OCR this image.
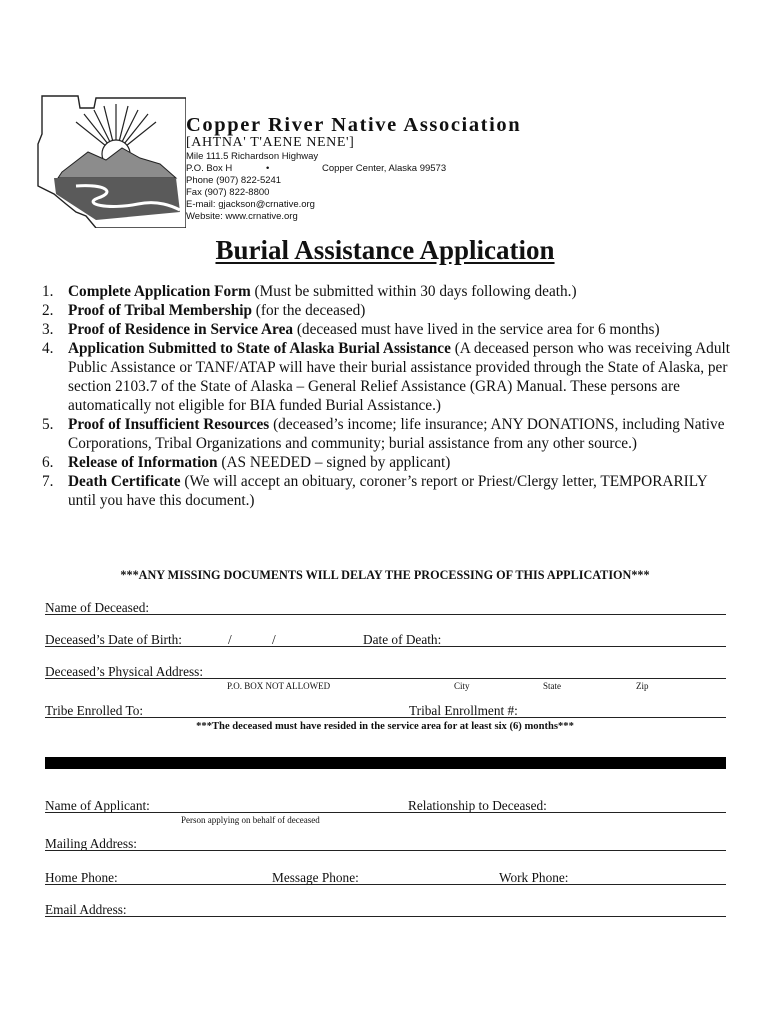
Copper River Native Association
[AHTNA' T'AENE NENE']
Mile 111.5 Richardson Highway
P.O. Box H	•	Copper Center, Alaska 99573
Phone (907) 822-5241
Fax (907) 822-8800
E-mail: gjackson@crnative.org
Website: www.crnative.org
Burial Assistance Application
1. Complete Application Form (Must be submitted within 30 days following death.)
2. Proof of Tribal Membership (for the deceased)
3. Proof of Residence in Service Area (deceased must have lived in the service area for 6 months)
4. Application Submitted to State of Alaska Burial Assistance (A deceased person who was receiving Adult Public Assistance or TANF/ATAP will have their burial assistance provided through the State of Alaska, per section 2103.7 of the State of Alaska – General Relief Assistance (GRA) Manual. These persons are automatically not eligible for BIA funded Burial Assistance.)
5. Proof of Insufficient Resources (deceased’s income; life insurance; ANY DONATIONS, including Native Corporations, Tribal Organizations and community; burial assistance from any other source.)
6. Release of Information (AS NEEDED – signed by applicant)
7. Death Certificate (We will accept an obituary, coroner’s report or Priest/Clergy letter, TEMPORARILY until you have this document.)
***ANY MISSING DOCUMENTS WILL DELAY THE PROCESSING OF THIS APPLICATION***
Name of Deceased:
Deceased’s Date of Birth:	/	/	Date of Death:
Deceased’s Physical Address:
P.O. BOX NOT ALLOWED	City	State	Zip
Tribe Enrolled To:	Tribal Enrollment #:
***The deceased must have resided in the service area for at least six (6) months***
Name of Applicant:	Relationship to Deceased:
Person applying on behalf of deceased
Mailing Address:
Home Phone:	Message Phone:	Work Phone:
Email Address:
